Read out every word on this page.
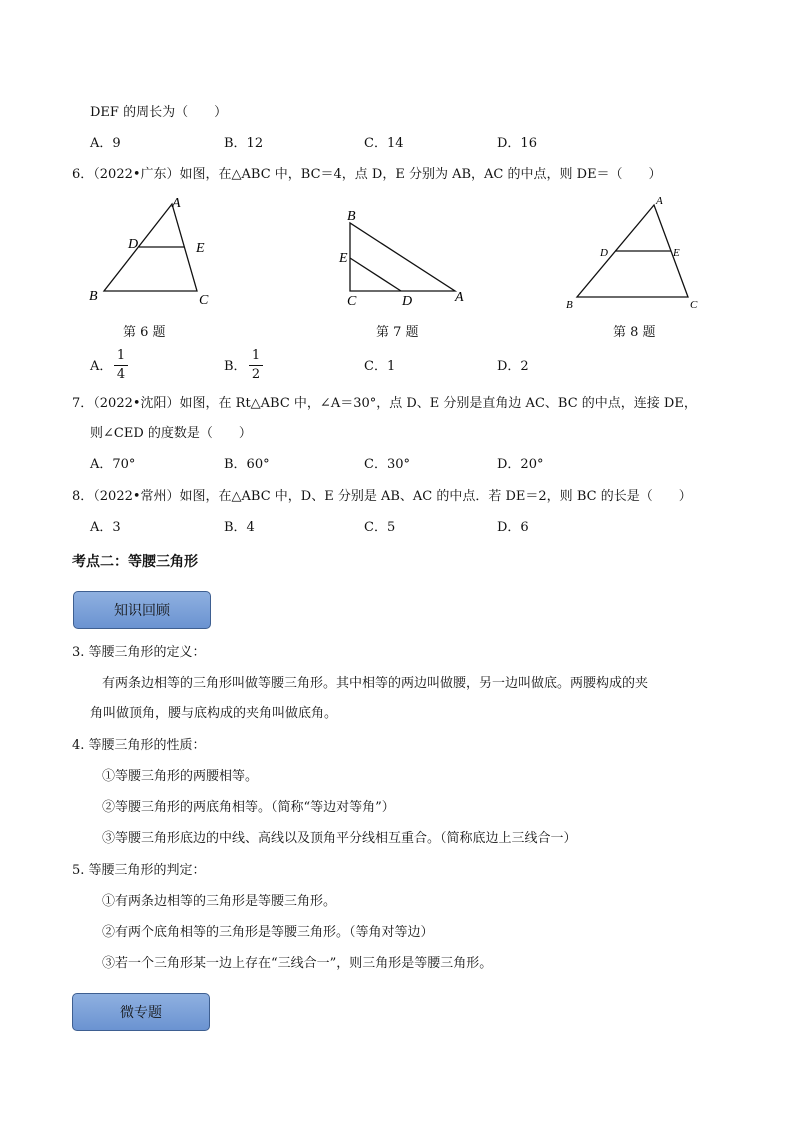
DEF 的周长为（　　）
A．9	B．12	C．14	D．16
6．（2022•广东）如图，在△ABC 中，BC＝4，点 D，E 分别为 AB，AC 的中点，则 DE＝（　　）
A
D	E
B	C
B
E
C	D	A
A
D	E
B	C
第 6 题	第 7 题	第 8 题
A．
1
4
B．
1
2
C．1	D．2
7．（2022•沈阳）如图，在 Rt△ABC 中，∠A＝30°，点 D、E 分别是直角边 AC、BC 的中点，连接 DE，
则∠CED 的度数是（　　）
A．70°	B．60°	C．30°	D．20°
8．（2022•常州）如图，在△ABC 中，D、E 分别是 AB、AC 的中点．若 DE＝2，则 BC 的长是（　　）
A．3	B．4	C．5	D．6
考点二：等腰三角形
知识回顾
3. 等腰三角形的定义：
有两条边相等的三角形叫做等腰三角形。其中相等的两边叫做腰，另一边叫做底。两腰构成的夹
角叫做顶角，腰与底构成的夹角叫做底角。
4. 等腰三角形的性质：
①等腰三角形的两腰相等。
②等腰三角形的两底角相等。（简称“等边对等角”）
③等腰三角形底边的中线、高线以及顶角平分线相互重合。（简称底边上三线合一）
5. 等腰三角形的判定：
①有两条边相等的三角形是等腰三角形。
②有两个底角相等的三角形是等腰三角形。（等角对等边）
③若一个三角形某一边上存在“三线合一”，则三角形是等腰三角形。
微专题
